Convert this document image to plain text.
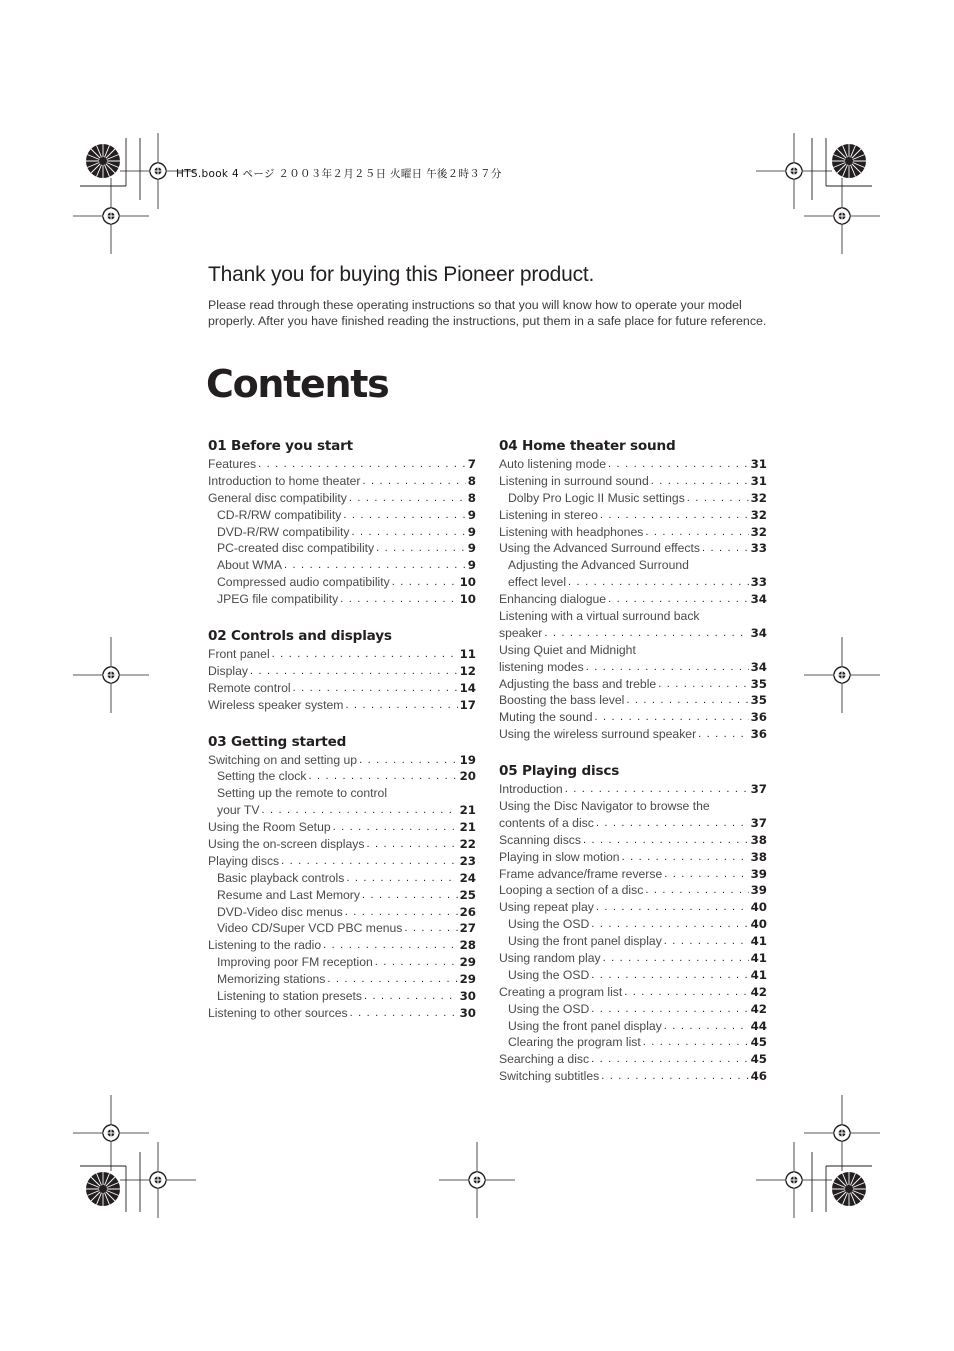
HTS.book 4 ページ ２００３年２月２５日 火曜日 午後２時３７分
Thank you for buying this Pioneer product.

Please read through these operating instructions so that you will know how to operate your model properly. After you have finished reading the instructions, put them in a safe place for future reference.

Contents
01 Before you start
Features . . .	7
Introduction to home theater . . .	8
General disc compatibility . . .	8
CD-R/RW compatibility . . .	9
DVD-R/RW compatibility . . .	9
PC-created disc compatibility . . .	9
About WMA . . .	9
Compressed audio compatibility . . .	10
JPEG file compatibility . . .	10
02 Controls and displays
Front panel . . .	11
Display . . .	12
Remote control . . .	14
Wireless speaker system . . .	17
03 Getting started
Switching on and setting up . . .	19
Setting the clock . . .	20
Setting up the remote to control
your TV . . .	21
Using the Room Setup . . .	21
Using the on-screen displays . . .	22
Playing discs . . .	23
Basic playback controls . . .	24
Resume and Last Memory . . .	25
DVD-Video disc menus . . .	26
Video CD/Super VCD PBC menus . . .	27
Listening to the radio . . .	28
Improving poor FM reception . . .	29
Memorizing stations . . .	29
Listening to station presets . . .	30
Listening to other sources . . .	30
04 Home theater sound
Auto listening mode . . .	31
Listening in surround sound . . .	31
Dolby Pro Logic II Music settings . . .	32
Listening in stereo . . .	32
Listening with headphones . . .	32
Using the Advanced Surround effects . . .	33
Adjusting the Advanced Surround
effect level . . .	33
Enhancing dialogue . . .	34
Listening with a virtual surround back
speaker . . .	34
Using Quiet and Midnight
listening modes . . .	34
Adjusting the bass and treble . . .	35
Boosting the bass level . . .	35
Muting the sound . . .	36
Using the wireless surround speaker . . .	36
05 Playing discs
Introduction . . .	37
Using the Disc Navigator to browse the
contents of a disc . . .	37
Scanning discs . . .	38
Playing in slow motion . . .	38
Frame advance/frame reverse . . .	39
Looping a section of a disc . . .	39
Using repeat play . . .	40
Using the OSD . . .	40
Using the front panel display . . .	41
Using random play . . .	41
Using the OSD . . .	41
Creating a program list . . .	42
Using the OSD . . .	42
Using the front panel display . . .	44
Clearing the program list . . .	45
Searching a disc . . .	45
Switching subtitles . . .	46
